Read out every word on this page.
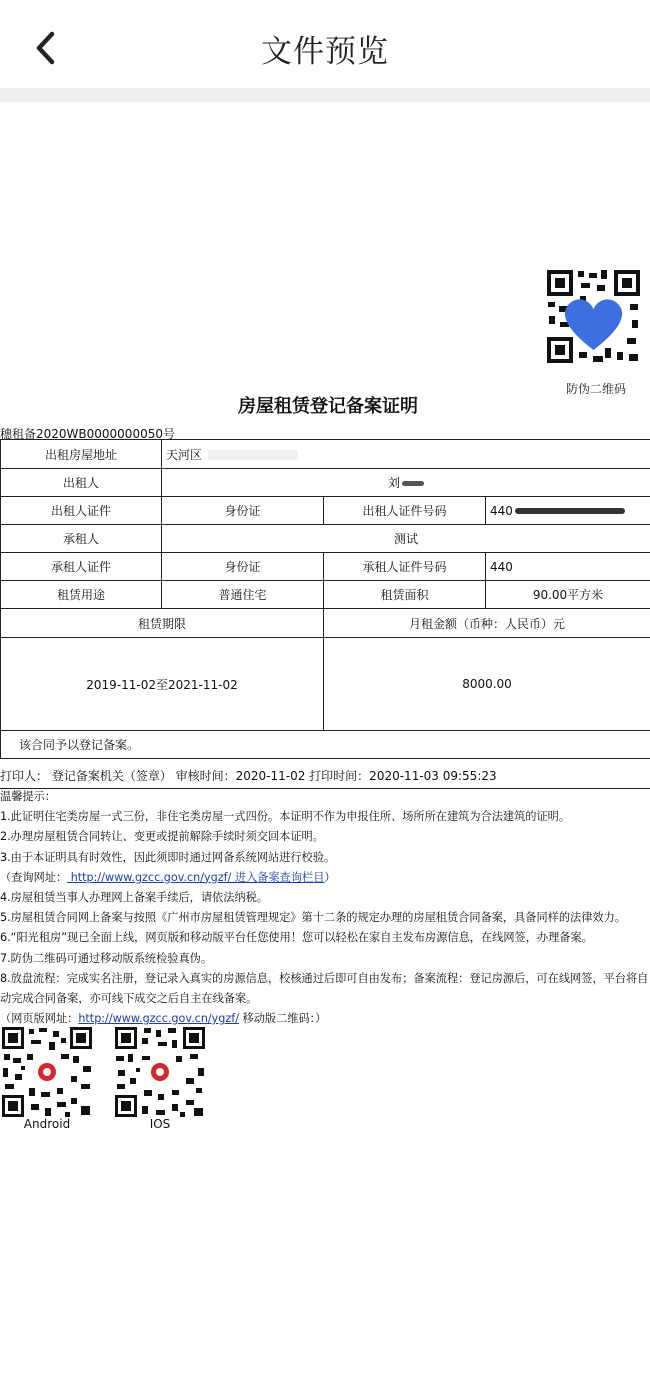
文件预览
防伪二维码
房屋租赁登记备案证明
穗租备2020WB0000000050号
出租房屋地址	天河区		
出租人	刘		
出租人证件	身份证	出租人证件号码	440
承租人	测试		
承租人证件	身份证	承租人证件号码	440
租赁用途	普通住宅	租赁面积	90.00平方米
租赁期限		月租金额（币种：人民币）元	
2019-11-02至2021-11-02		8000.00	
该合同予以登记备案。			
打印人： 登记备案机关（签章） 审核时间：2020-11-02 打印时间：2020-11-03 09:55:23
温馨提示：
1.此证明住宅类房屋一式三份，非住宅类房屋一式四份。本证明不作为申报住所、场所所在建筑为合法建筑的证明。
2.办理房屋租赁合同转让、变更或提前解除手续时须交回本证明。
3.由于本证明具有时效性，因此须即时通过网备系统网站进行校验。
（查询网址： http://www.gzcc.gov.cn/ygzf/ 进入备案查询栏目）
4.房屋租赁当事人办理网上备案手续后，请依法纳税。
5.房屋租赁合同网上备案与按照《广州市房屋租赁管理规定》第十二条的规定办理的房屋租赁合同备案，具备同样的法律效力。
6.“阳光租房”现已全面上线，网页版和移动版平台任您使用！您可以轻松在家自主发布房源信息，在线网签，办理备案。
7.防伪二维码可通过移动版系统检验真伪。
8.放盘流程：完成实名注册，登记录入真实的房源信息，校核通过后即可自由发布；备案流程：登记房源后，可在线网签，平台将自
动完成合同备案，亦可线下成交之后自主在线备案。
（网页版网址：http://www.gzcc.gov.cn/ygzf/ 移动版二维码：）
Android	IOS
